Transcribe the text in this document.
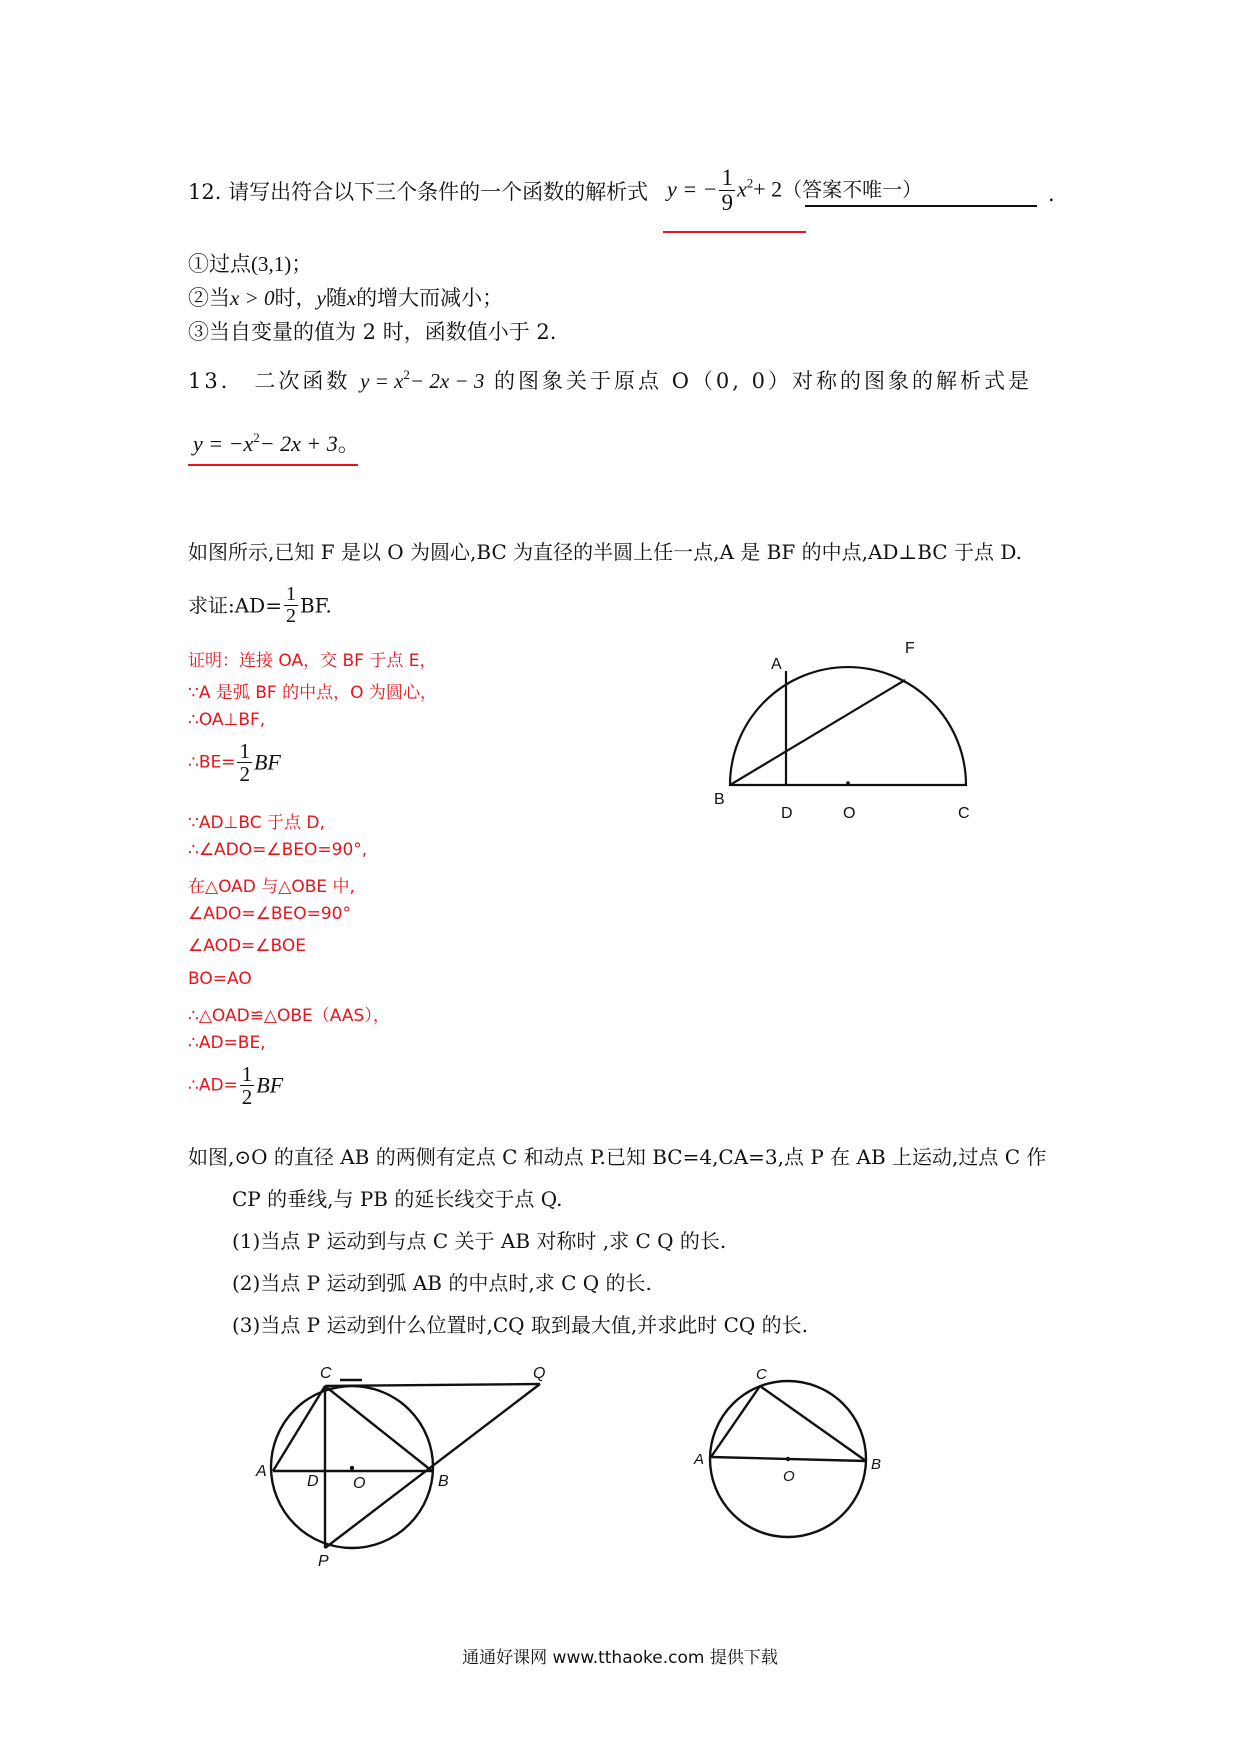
12. 请写出符合以下三个条件的一个函数的解析式 y = − $\frac{1}{9} x^2+ 2$（答案不唯一）	.
①过点(3,1)；
②当x > 0时，y随x的增大而减小；
③当自变量的值为 2 时，函数值小于 2.
13． 二次函数 $y = x^2- 2x - 3$ 的图象关于原点 O（0, 0）对称的图象的解析式是
$y = -x^2- 2x + 3$。
如图所示,已知 F 是以 O 为圆心,BC 为直径的半圆上任一点,A 是 BF 的中点,AD⊥BC 于点 D.
求证:AD= $\frac{1}{2}$ BF.
证明：连接 OA，交 BF 于点 E，
∵A 是弧 BF 的中点，O 为圆心，
∴OA⊥BF,
∴BE= $\frac{1}{2}$ BF
∵AD⊥BC 于点 D,
∴∠ADO=∠BEO=90°,
在△OAD 与△OBE 中,
∠ADO=∠BEO=90°
∠AOD=∠BOE
BO=AO
∴△OAD≌△OBE（AAS），
∴AD=BE,
∴AD= $\frac{1}{2}$ BF
A
F
B
D	O	C
如图,⊙O 的直径 AB 的两侧有定点 C 和动点 P.已知 BC=4,CA=3,点 P 在 AB 上运动,过点 C 作
CP 的垂线,与 PB 的延长线交于点 Q.
(1)当点 P 运动到与点 C 关于 AB 对称时 ,求 C Q 的长.
(2)当点 P 运动到弧 AB 的中点时,求 C Q 的长.
(3)当点 P 运动到什么位置时,CQ 取到最大值,并求此时 CQ 的长.
C	Q
A
D O	B
P
C
A
O
B
通通好课网 www.tthaoke.com 提供下载
